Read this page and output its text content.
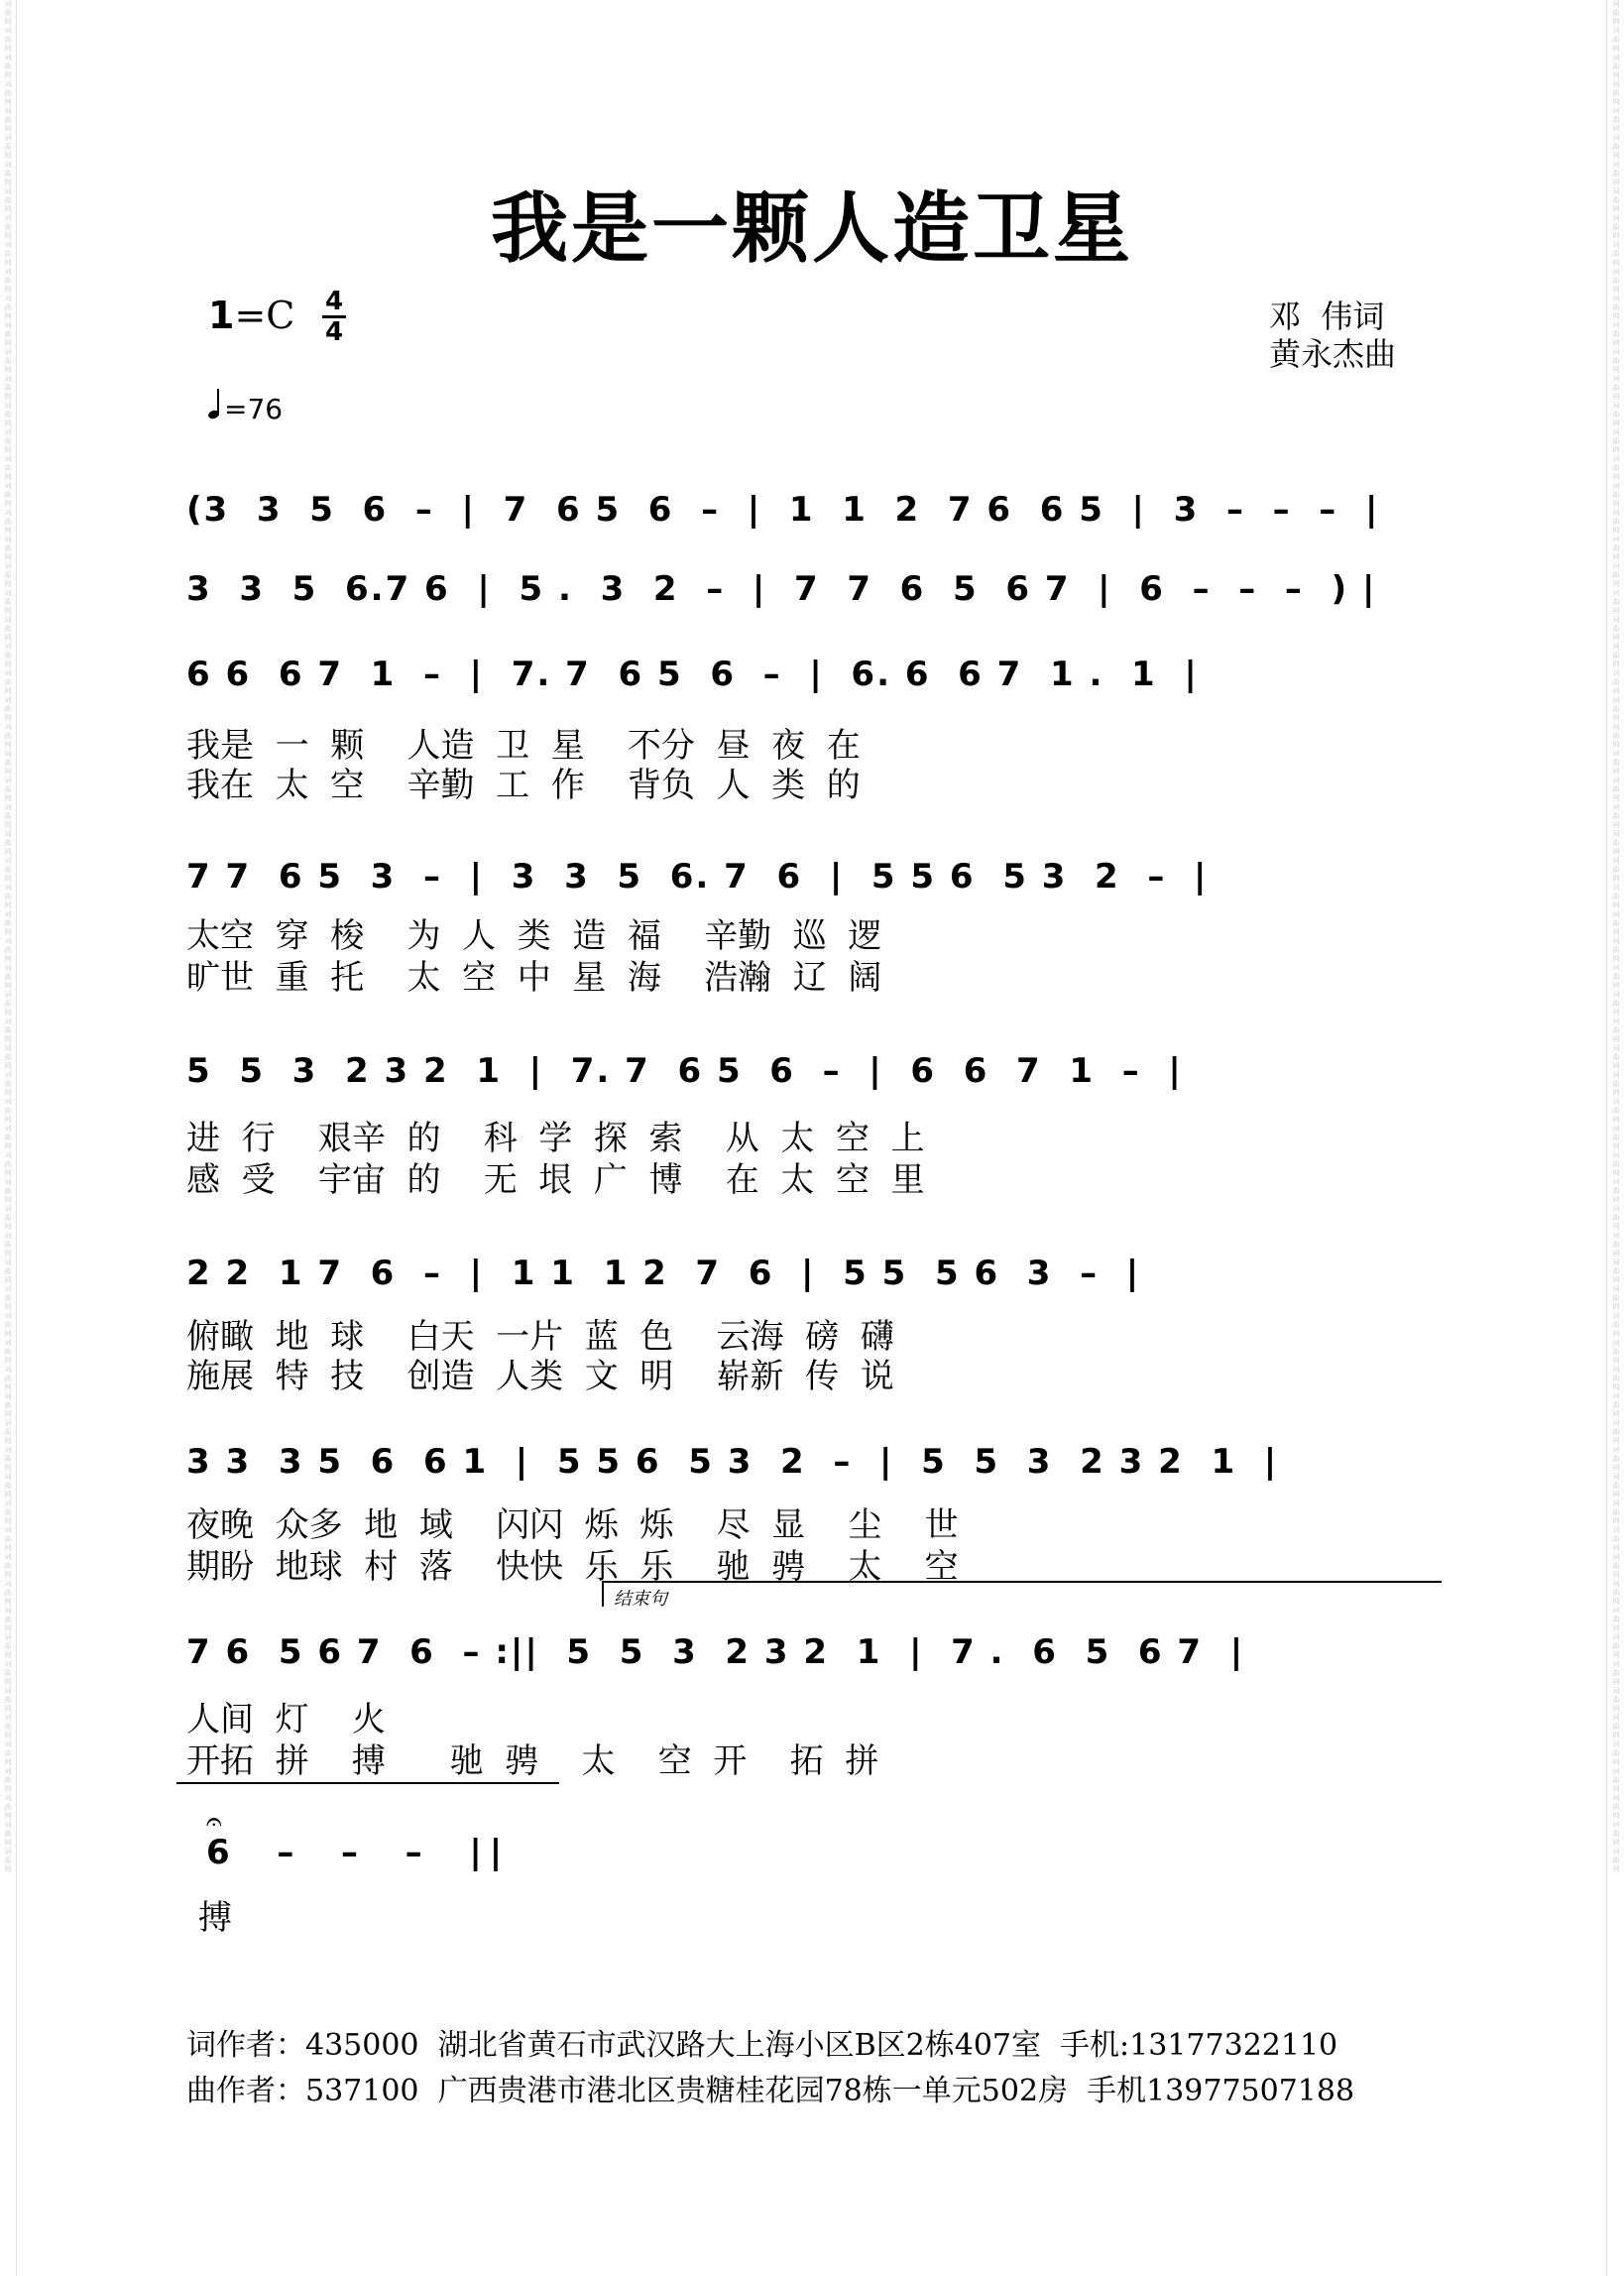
词曲网 词曲网 词曲网 词曲网 词曲网 词曲网 词曲网 词曲网 词曲网 词曲网 词曲网 词曲网 词曲网 词曲网 词曲网 词曲网 词曲网 词曲网 词曲网 词曲网 词曲网 词曲网 词曲网 词曲网 词曲网 词曲网 词曲网 词曲网 词曲网 词曲网 词曲网 词曲网 词曲网 词曲网 词曲网 词曲网 词曲网 词曲网 词曲网 词曲网 词曲网 词曲网 词曲网 词曲网 词曲网 词曲网 词曲网 词曲网 词曲网 词曲网 词曲网 词曲网 词曲网 词曲网 词曲网 词曲网 词曲网 词曲网 词曲网 词曲网 词曲网 词曲网 词曲网 词曲网 词曲网 词曲网 词曲网 词曲网 词曲网 词曲网
词曲网 词曲网 词曲网 词曲网 词曲网 词曲网 词曲网 词曲网 词曲网 词曲网 词曲网 词曲网 词曲网 词曲网 词曲网 词曲网 词曲网 词曲网 词曲网 词曲网 词曲网 词曲网 词曲网 词曲网 词曲网 词曲网 词曲网 词曲网 词曲网 词曲网 词曲网 词曲网 词曲网 词曲网 词曲网 词曲网 词曲网 词曲网 词曲网 词曲网 词曲网 词曲网 词曲网 词曲网 词曲网 词曲网 词曲网 词曲网 词曲网 词曲网 词曲网 词曲网 词曲网 词曲网 词曲网 词曲网 词曲网 词曲网 词曲网 词曲网 词曲网 词曲网 词曲网 词曲网 词曲网 词曲网 词曲网 词曲网 词曲网 词曲网
我是一颗人造卫星
1=C 4
4
=76
邓  伟词
黄永杰曲
(3  3  5  6  –  |  7  6 5  6  –  |  1  1  2  7 6  6 5  |  3  –  –  –  |
3  3  5  6.7 6  |  5 .  3  2  –  |  7  7  6  5  6 7  |  6  –  –  –  ) |
6 6  6 7  1  –  |  7. 7  6 5  6  –  |  6. 6  6 7  1 .  1  |
我是  一  颗    人造  卫  星    不分  昼  夜  在
我在  太  空    辛勤  工  作    背负  人  类  的
7 7  6 5  3  –  |  3  3  5  6. 7  6  |  5 5 6  5 3  2  –  |
太空  穿  梭    为  人  类  造  福    辛勤  巡  逻
旷世  重  托    太  空  中  星  海    浩瀚  辽  阔
5  5  3  2 3 2  1  |  7. 7  6 5  6  –  |  6  6  7  1  –  |
进  行    艰辛  的    科  学  探  索    从  太  空  上
感  受    宇宙  的    无  垠  广  博    在  太  空  里
2 2  1 7  6  –  |  1 1  1 2  7  6  |  5 5  5 6  3  –  |
俯瞰  地  球    白天  一片  蓝  色    云海  磅  礴
施展  特  技    创造  人类  文  明    崭新  传  说
3 3  3 5  6  6 1  |  5 5 6  5 3  2  –  |  5  5  3  2 3 2  1  |
夜晚  众多  地  域    闪闪  烁  烁    尽  显    尘    世
期盼  地球  村  落    快快  乐  乐    驰  骋    太    空
结束句
7 6  5 6 7  6  – :||  5  5  3  2 3 2  1  |  7 .  6  5  6 7  |
人间  灯    火
开拓  拼    搏      驰  骋    太    空  开    拓  拼
𝄐
6  –  –  –  ||
搏
词作者：435000  湖北省黄石市武汉路大上海小区B区2栋407室  手机:13177322110
曲作者：537100  广西贵港市港北区贵糖桂花园78栋一单元502房  手机13977507188
